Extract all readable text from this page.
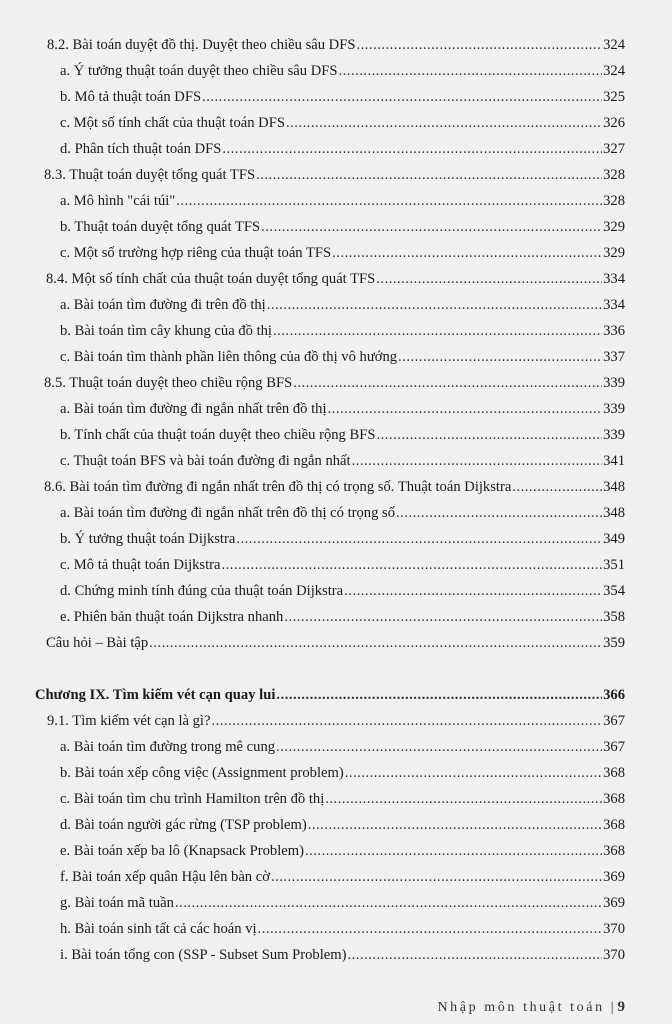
8.2. Bài toán duyệt đồ thị. Duyệt theo chiều sâu DFS .....	324
a. Ý tưởng thuật toán duyệt theo chiều sâu DFS .....	324
b. Mô tả thuật toán DFS .....	325
c. Một số tính chất của thuật toán DFS .....	326
d. Phân tích thuật toán DFS .....	327
8.3. Thuật toán duyệt tổng quát TFS .....	328
a. Mô hình "cái túi" .....	328
b. Thuật toán duyệt tổng quát TFS .....	329
c. Một số trường hợp riêng của thuật toán TFS .....	329
8.4. Một số tính chất của thuật toán duyệt tổng quát TFS .....	334
a. Bài toán tìm đường đi trên đồ thị .....	334
b. Bài toán tìm cây khung của đồ thị .....	336
c. Bài toán tìm thành phần liên thông của đồ thị vô hướng .....	337
8.5. Thuật toán duyệt theo chiều rộng BFS .....	339
a. Bài toán tìm đường đi ngắn nhất trên đồ thị .....	339
b. Tính chất của thuật toán duyệt theo chiều rộng BFS .....	339
c. Thuật toán BFS và bài toán đường đi ngắn nhất .....	341
8.6. Bài toán tìm đường đi ngắn nhất trên đồ thị có trọng số. Thuật toán Dijkstra .....	348
a. Bài toán tìm đường đi ngắn nhất trên đồ thị có trọng số .....	348
b. Ý tưởng thuật toán Dijkstra .....	349
c. Mô tả thuật toán Dijkstra .....	351
d. Chứng minh tính đúng của thuật toán Dijkstra .....	354
e. Phiên bản thuật toán Dijkstra nhanh .....	358
Câu hỏi – Bài tập .....	359
Chương IX. Tìm kiếm vét cạn quay lui .....	366
9.1. Tìm kiếm vét cạn là gì? .....	367
a. Bài toán tìm đường trong mê cung .....	367
b. Bài toán xếp công việc (Assignment problem) .....	368
c. Bài toán tìm chu trình Hamilton trên đồ thị .....	368
d. Bài toán người gác rừng (TSP problem) .....	368
e. Bài toán xếp ba lô (Knapsack Problem) .....	368
f. Bài toán xếp quân Hậu lên bàn cờ .....	369
g. Bài toán mã tuần .....	369
h. Bài toán sinh tất cả các hoán vị .....	370
i. Bài toán tổng con (SSP - Subset Sum Problem) .....	370
Nhập môn thuật toán | 9
